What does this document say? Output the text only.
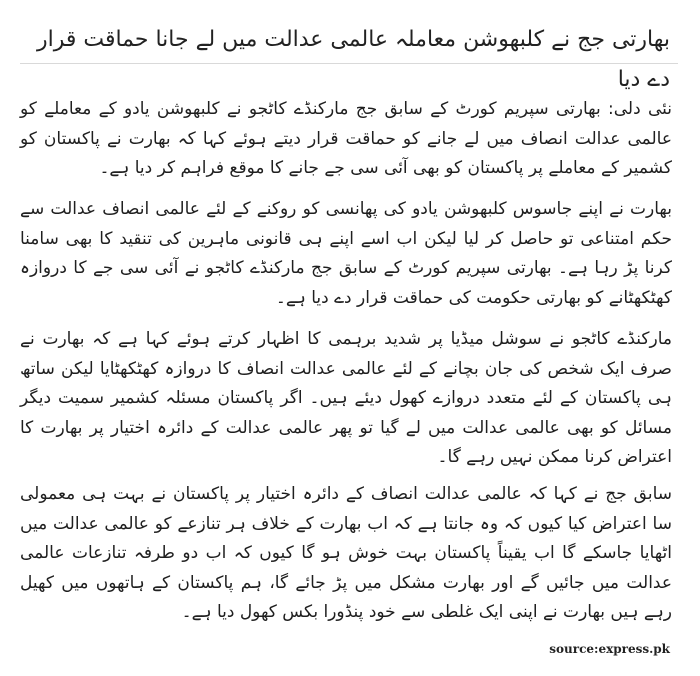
بھارتی جج نے کلبھوشن معاملہ عالمی عدالت میں لے جانا حماقت قرار دے دیا

نئی دلی: بھارتی سپریم کورٹ کے سابق جج مارکنڈے کاٹجو نے کلبھوشن یادو کے معاملے کو عالمی عدالت انصاف میں لے جانے کو حماقت قرار دیتے ہوئے کہا کہ بھارت نے پاکستان کو کشمیر کے معاملے پر پاکستان کو بھی آئی سی جے جانے کا موقع فراہم کر دیا ہے۔

بھارت نے اپنے جاسوس کلبھوشن یادو کی پھانسی کو روکنے کے لئے عالمی انصاف عدالت سے حکم امتناعی تو حاصل کر لیا لیکن اب اسے اپنے ہی قانونی ماہرین کی تنقید کا بھی سامنا کرنا پڑ رہا ہے۔ بھارتی سپریم کورٹ کے سابق جج مارکنڈے کاٹجو نے آئی سی جے کا دروازہ کھٹکھٹانے کو بھارتی حکومت کی حماقت قرار دے دیا ہے۔

مارکنڈے کاٹجو نے سوشل میڈیا پر شدید برہمی کا اظہار کرتے ہوئے کہا ہے کہ بھارت نے صرف ایک شخص کی جان بچانے کے لئے عالمی عدالت انصاف کا دروازہ کھٹکھٹایا لیکن ساتھ ہی پاکستان کے لئے متعدد دروازے کھول دیئے ہیں۔ اگر پاکستان مسئلہ کشمیر سمیت دیگر مسائل کو بھی عالمی عدالت میں لے گیا تو پھر عالمی عدالت کے دائرہ اختیار پر بھارت کا اعتراض کرنا ممکن نہیں رہے گا۔

سابق جج نے کہا کہ عالمی عدالت انصاف کے دائرہ اختیار پر پاکستان نے بہت ہی معمولی سا اعتراض کیا کیوں کہ وہ جانتا ہے کہ اب بھارت کے خلاف ہر تنازعے کو عالمی عدالت میں اٹھایا جاسکے گا اب یقیناً پاکستان بہت خوش ہو گا کیوں کہ اب دو طرفہ تنازعات عالمی عدالت میں جائیں گے اور بھارت مشکل میں پڑ جائے گا، ہم پاکستان کے ہاتھوں میں کھیل رہے ہیں بھارت نے اپنی ایک غلطی سے خود پنڈورا بکس کھول دیا ہے۔

source:express.pk
